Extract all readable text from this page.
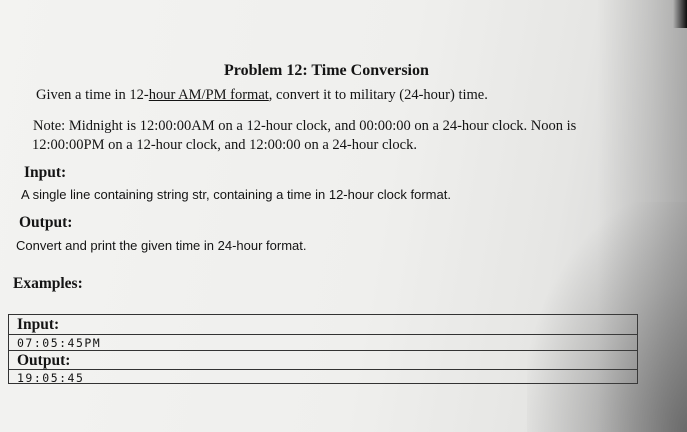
Problem 12: Time Conversion
Given a time in 12-hour AM/PM format, convert it to military (24-hour) time.
Note: Midnight is 12:00:00AM on a 12-hour clock, and 00:00:00 on a 24-hour clock. Noon is
12:00:00PM on a 12-hour clock, and 12:00:00 on a 24-hour clock.
Input:
A single line containing string str, containing a time in 12-hour clock format.
Output:
Convert and print the given time in 24-hour format.
Examples:
Input:
07:05:45PM
Output:
19:05:45
